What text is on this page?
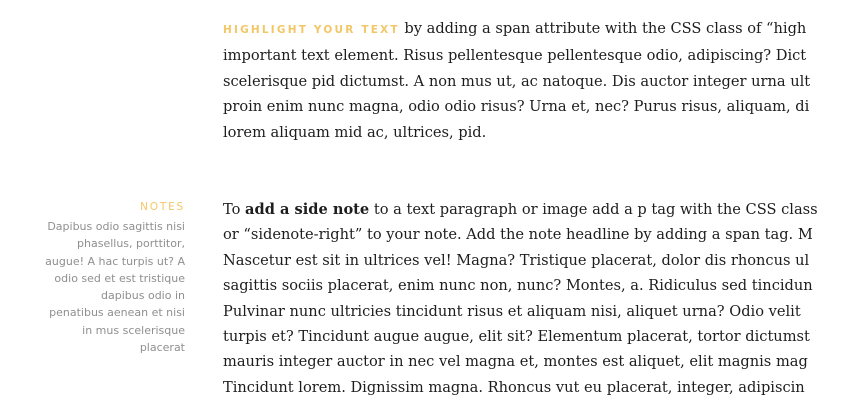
HIGHLIGHT YOUR TEXT by adding a span attribute with the CSS class of “high
important text element. Risus pellentesque pellentesque odio, adipiscing? Dict
scelerisque pid dictumst. A non mus ut, ac natoque. Dis auctor integer urna ult
proin enim nunc magna, odio odio risus? Urna et, nec? Purus risus, aliquam, di
lorem aliquam mid ac, ultrices, pid.

NOTES
Dapibus odio sagittis nisi
phasellus, porttitor,
augue! A hac turpis ut? A
odio sed et est tristique
dapibus odio in
penatibus aenean et nisi
in mus scelerisque
placerat

To add a side note to a text paragraph or image add a p tag with the CSS class
or “sidenote-right” to your note. Add the note headline by adding a span tag. M
Nascetur est sit in ultrices vel! Magna? Tristique placerat, dolor dis rhoncus ul
sagittis sociis placerat, enim nunc non, nunc? Montes, a. Ridiculus sed tincidun
Pulvinar nunc ultricies tincidunt risus et aliquam nisi, aliquet urna? Odio velit
turpis et? Tincidunt augue augue, elit sit? Elementum placerat, tortor dictumst
mauris integer auctor in nec vel magna et, montes est aliquet, elit magnis mag
Tincidunt lorem. Dignissim magna. Rhoncus vut eu placerat, integer, adipiscin
